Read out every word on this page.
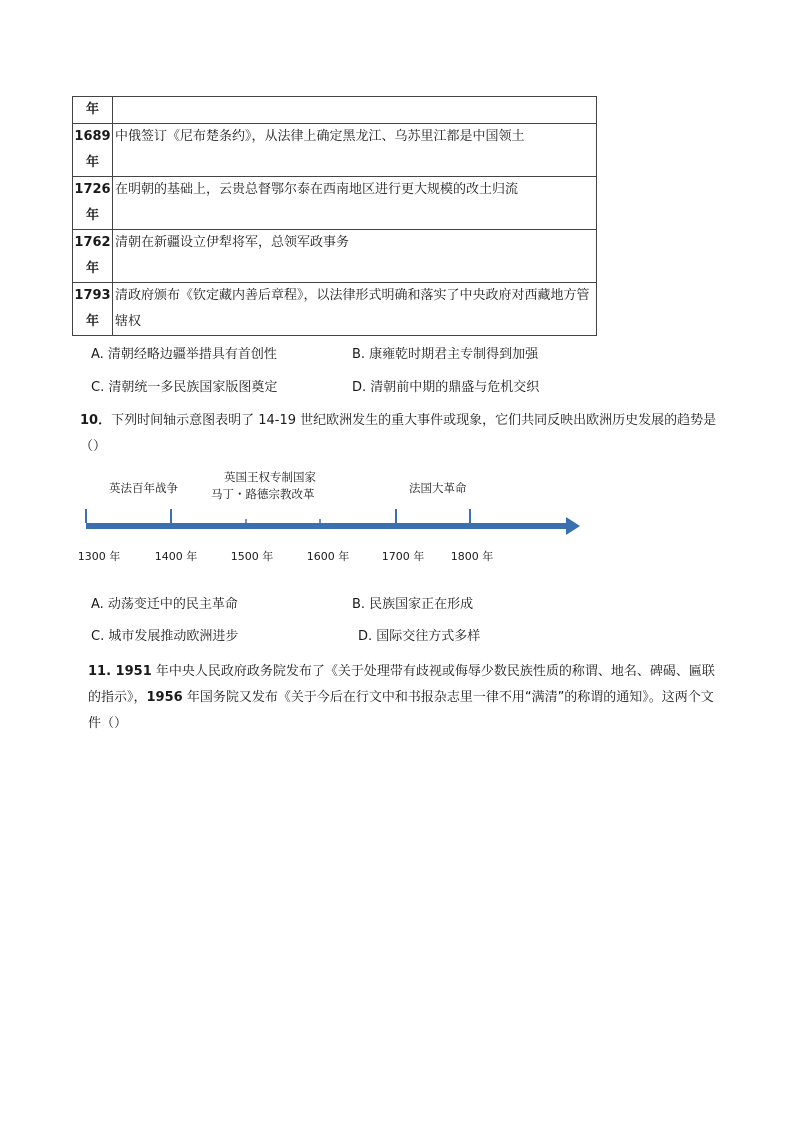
年	

1689
年	中俄签订《尼布楚条约》，从法律上确定黑龙江、乌苏里江都是中国领土

1726
年	在明朝的基础上，云贵总督鄂尔泰在西南地区进行更大规模的改土归流

1762
年	清朝在新疆设立伊犁将军，总领军政事务

1793
年	清政府颁布《钦定藏内善后章程》，以法律形式明确和落实了中央政府对西藏地方管辖权
A. 清朝经略边疆举措具有首创性	B. 康雍乾时期君主专制得到加强
C. 清朝统一多民族国家版图奠定	D. 清朝前中期的鼎盛与危机交织
10．下列时间轴示意图表明了 14-19 世纪欧洲发生的重大事件或现象，它们共同反映出欧洲历史发展的趋势是（）
英法百年战争
英国王权专制国家
马丁・路德宗教改革	法国大革命
1300 年	1400 年	1500 年	1600 年	1700 年 1800 年
A. 动荡变迁中的民主革命	B. 民族国家正在形成
C. 城市发展推动欧洲进步	D. 国际交往方式多样
11. 1951 年中央人民政府政务院发布了《关于处理带有歧视或侮辱少数民族性质的称谓、地名、碑碣、匾联的指示》，1956 年国务院又发布《关于今后在行文中和书报杂志里一律不用“满清”的称谓的通知》。这两个文件（）
